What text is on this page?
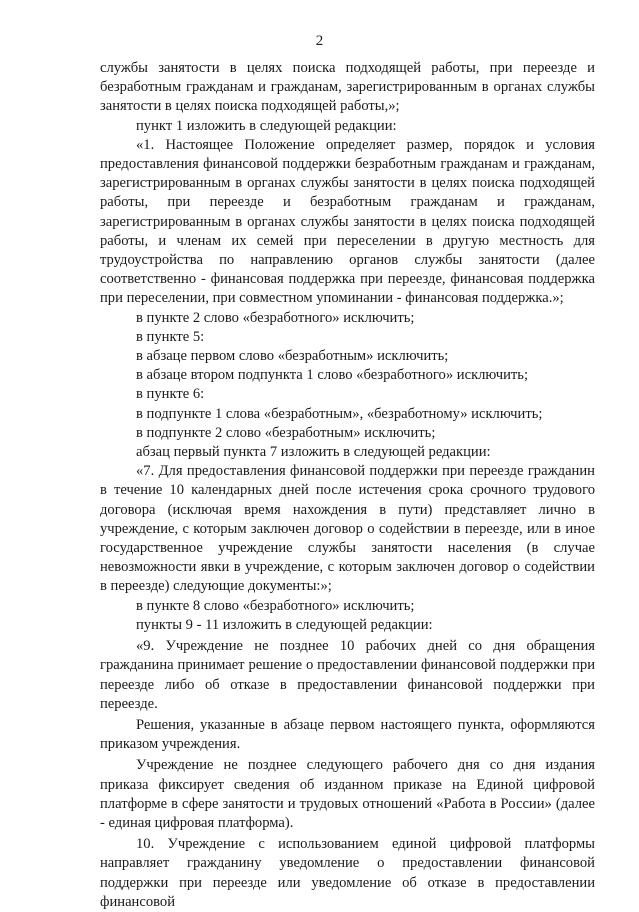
2

службы занятости в целях поиска подходящей работы, при переезде и безработным гражданам и гражданам, зарегистрированным в органах службы занятости в целях поиска подходящей работы,»;

пункт 1 изложить в следующей редакции:

«1. Настоящее Положение определяет размер, порядок и условия предоставления финансовой поддержки безработным гражданам и гражданам, зарегистрированным в органах службы занятости в целях поиска подходящей работы, при переезде и безработным гражданам и гражданам, зарегистрированным в органах службы занятости в целях поиска подходящей работы, и членам их семей при переселении в другую местность для трудоустройства по направлению органов службы занятости (далее соответственно - финансовая поддержка при переезде, финансовая поддержка при переселении, при совместном упоминании - финансовая поддержка.»;

в пункте 2 слово «безработного» исключить;

в пункте 5:

в абзаце первом слово «безработным» исключить;

в абзаце втором подпункта 1 слово «безработного» исключить;

в пункте 6:

в подпункте 1 слова «безработным», «безработному» исключить;

в подпункте 2 слово «безработным» исключить;

абзац первый пункта 7 изложить в следующей редакции:

«7. Для предоставления финансовой поддержки при переезде гражданин в течение 10 календарных дней после истечения срока срочного трудового договора (исключая время нахождения в пути) представляет лично в учреждение, с которым заключен договор о содействии в переезде, или в иное государственное учреждение службы занятости населения (в случае невозможности явки в учреждение, с которым заключен договор о содействии в переезде) следующие документы:»;

в пункте 8 слово «безработного» исключить;

пункты 9 - 11 изложить в следующей редакции:

«9. Учреждение не позднее 10 рабочих дней со дня обращения гражданина принимает решение о предоставлении финансовой поддержки при переезде либо об отказе в предоставлении финансовой поддержки при переезде.

Решения, указанные в абзаце первом настоящего пункта, оформляются приказом учреждения.

Учреждение не позднее следующего рабочего дня со дня издания приказа фиксирует сведения об изданном приказе на Единой цифровой платформе в сфере занятости и трудовых отношений «Работа в России» (далее - единая цифровая платформа).

10. Учреждение с использованием единой цифровой платформы направляет гражданину уведомление о предоставлении финансовой поддержки при переезде или уведомление об отказе в предоставлении финансовой
